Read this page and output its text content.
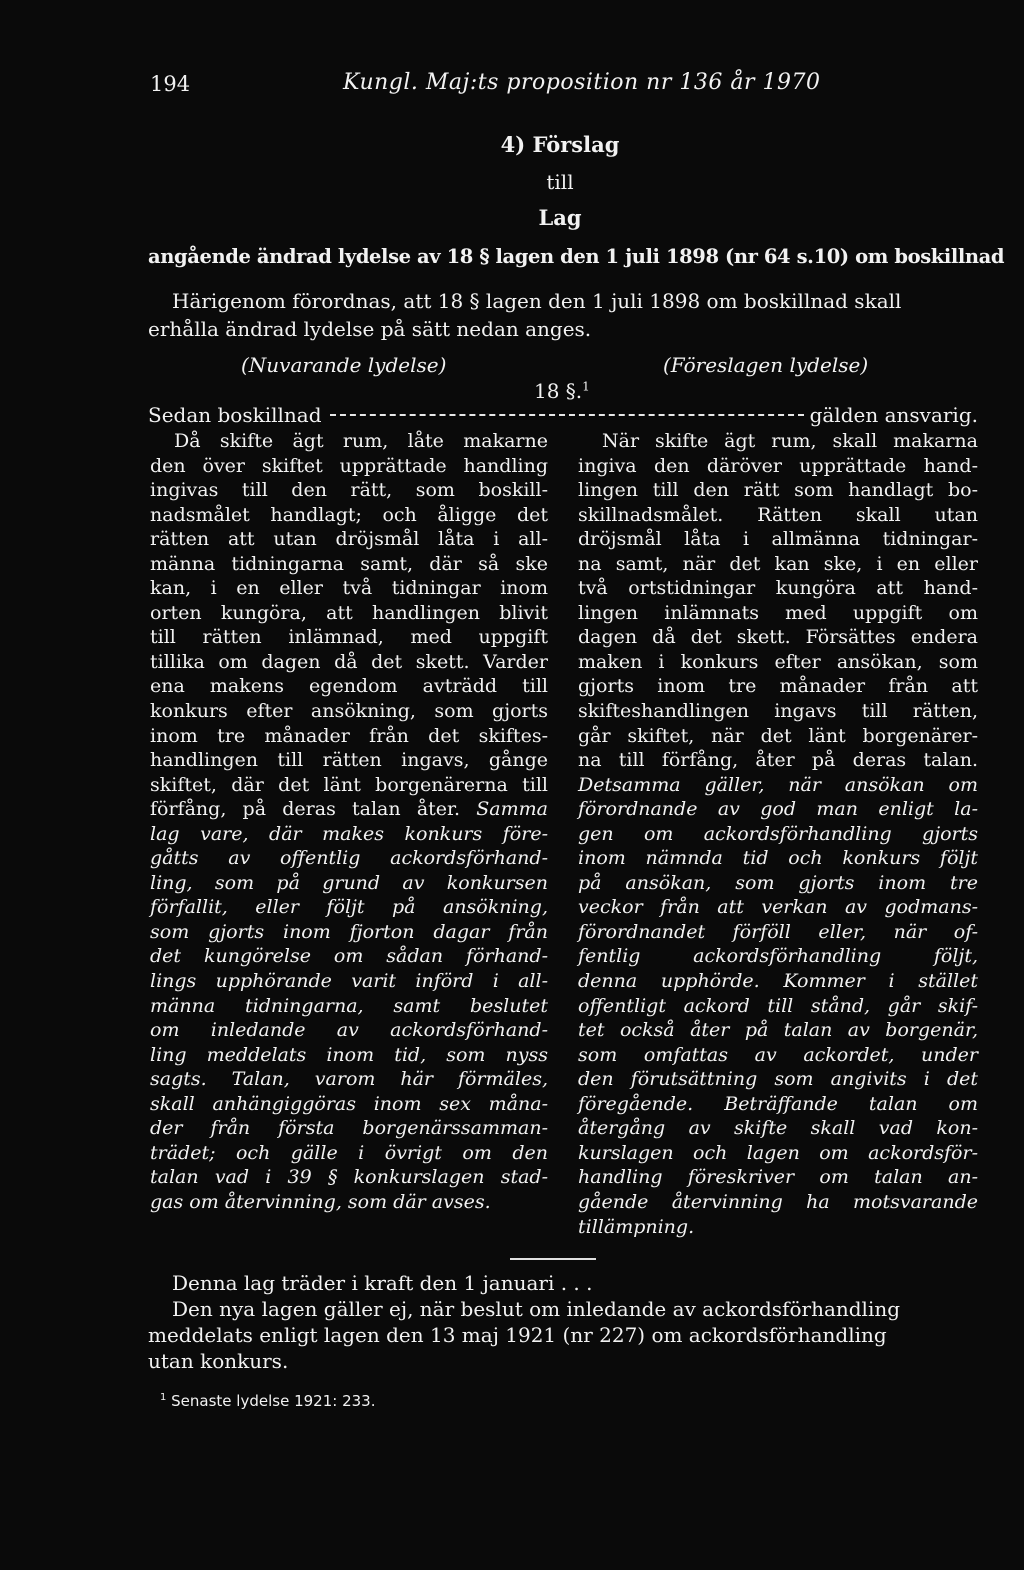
194	Kungl. Maj:ts proposition nr 136 år 1970
4) Förslag
till
Lag
angående ändrad lydelse av 18 § lagen den 1 juli 1898 (nr 64 s.10) om boskillnad
Härigenom förordnas, att 18 § lagen den 1 juli 1898 om boskillnad skall
erhålla ändrad lydelse på sätt nedan anges.
(Nuvarande lydelse)	(Föreslagen lydelse)
18 §.$^1$
Sedan boskillnad	gälden ansvarig.
Då skifte ägt rum, låte makarne
den över skiftet upprättade handling
ingivas till den rätt, som boskill-
nadsmålet handlagt; och åligge det
rätten att utan dröjsmål låta i all-
männa tidningarna samt, där så ske
kan, i en eller två tidningar inom
orten kungöra, att handlingen blivit
till rätten inlämnad, med uppgift
tillika om dagen då det skett. Varder
ena makens egendom avträdd till
konkurs efter ansökning, som gjorts
inom tre månader från det skiftes-
handlingen till rätten ingavs, gånge
skiftet, där det länt borgenärerna till
förfång, på deras talan åter. Samma
lag vare, där makes konkurs före-
gåtts av offentlig ackordsförhand-
ling, som på grund av konkursen
förfallit, eller följt på ansökning,
som gjorts inom fjorton dagar från
det kungörelse om sådan förhand-
lings upphörande varit införd i all-
männa tidningarna, samt beslutet
om inledande av ackordsförhand-
ling meddelats inom tid, som nyss
sagts. Talan, varom här förmäles,
skall anhängiggöras inom sex måna-
der från första borgenärssamman-
trädet; och gälle i övrigt om den
talan vad i 39 § konkurslagen stad-
gas om återvinning, som där avses.
När skifte ägt rum, skall makarna
ingiva den däröver upprättade hand-
lingen till den rätt som handlagt bo-
skillnadsmålet. Rätten skall utan
dröjsmål låta i allmänna tidningar-
na samt, när det kan ske, i en eller
två ortstidningar kungöra att hand-
lingen inlämnats med uppgift om
dagen då det skett. Försättes endera
maken i konkurs efter ansökan, som
gjorts inom tre månader från att
skifteshandlingen ingavs till rätten,
går skiftet, när det länt borgenärer-
na till förfång, åter på deras talan.
Detsamma gäller, när ansökan om
förordnande av god man enligt la-
gen om ackordsförhandling gjorts
inom nämnda tid och konkurs följt
på ansökan, som gjorts inom tre
veckor från att verkan av godmans-
förordnandet förföll eller, när of-
fentlig ackordsförhandling följt,
denna upphörde. Kommer i stället
offentligt ackord till stånd, går skif-
tet också åter på talan av borgenär,
som omfattas av ackordet, under
den förutsättning som angivits i det
föregående. Beträffande talan om
återgång av skifte skall vad kon-
kurslagen och lagen om ackordsför-
handling föreskriver om talan an-
gående återvinning ha motsvarande
tillämpning.
Denna lag träder i kraft den 1 januari . . .
Den nya lagen gäller ej, när beslut om inledande av ackordsförhandling
meddelats enligt lagen den 13 maj 1921 (nr 227) om ackordsförhandling
utan konkurs.
$^1$ Senaste lydelse 1921: 233.
